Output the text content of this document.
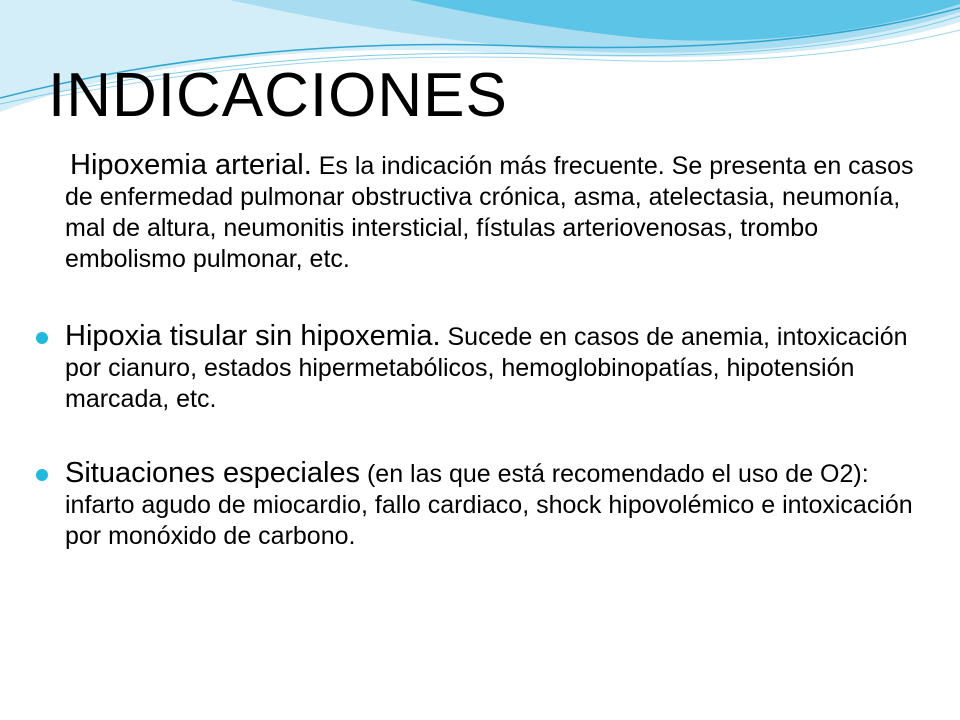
INDICACIONES
Hipoxemia arterial. Es la indicación más frecuente. Se presenta en casos de enfermedad pulmonar obstructiva crónica, asma, atelectasia, neumonía, mal de altura, neumonitis intersticial, fístulas arteriovenosas, trombo embolismo pulmonar, etc.
Hipoxia tisular sin hipoxemia. Sucede en casos de anemia, intoxicación por cianuro, estados hipermetabólicos, hemoglobinopatías, hipotensión marcada, etc.
Situaciones especiales (en las que está recomendado el uso de O2): infarto agudo de miocardio, fallo cardiaco, shock hipovolémico e intoxicación por monóxido de carbono.
